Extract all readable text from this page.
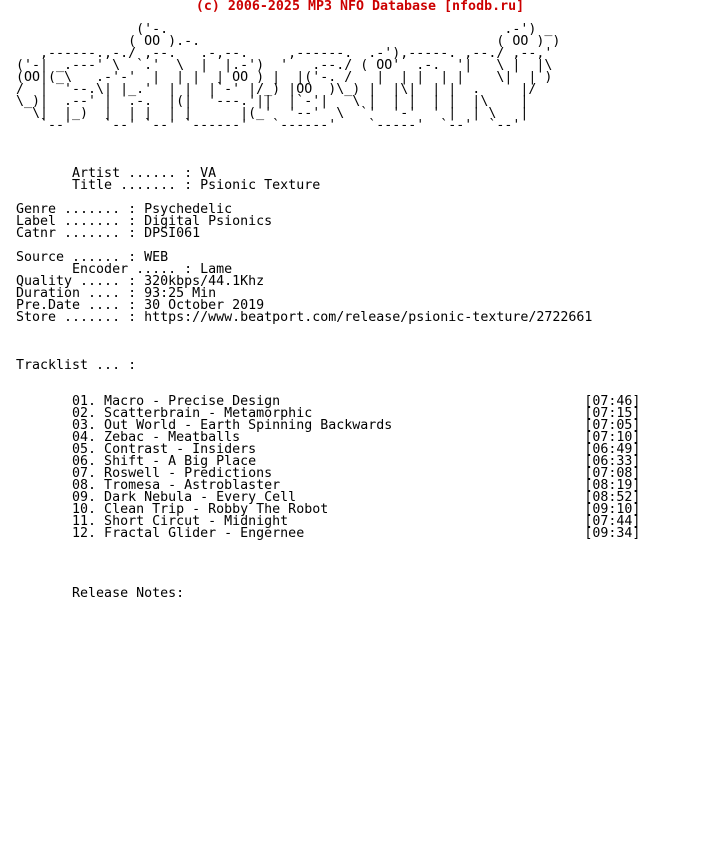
(c) 2006-2025 MP3 NFO Database [nfodb.ru]
('-.                                          .-') _
( OO ).-.                                     ( OO ) )
,------.,-./ ,--.   .-,--.     ,------.  .-'),-----. ,--./ ,--,'
('-| _.---' \  `.'  \  |  |.-')  '   .--./ ( OO'  .-.  '|   \ |  |\
(OO|(_\   .-'-'  |  | |  | OO ) |  |('-. /   |  | |  | |    \|  | )
/  |  '--.\| |_.'  | |  |`-' |/_) |OO  )\_) |  |\|  | |  .     |/
\_)|  .--' |  .-.  |(|  '---.'||  |`-'|   \ |  | |  | |  |\    |
\|  |_)  |  | |  | |      |(_'  '--'  \  `'  '-'  ' |  | \   |
`--'    `--' `--' `------'   `------'    `-----'  `--'  `--'

Artist ...... : VA
Title ....... : Psionic Texture

Genre ....... : Psychedelic
Label ....... : Digital Psionics
Catnr ....... : DPSI061

Source ...... : WEB
Encoder ..... : Lame
Quality ..... : 320kbps/44.1Khz
Duration .... : 93:25 Min
Pre.Date .... : 30 October 2019
Store ....... : https://www.beatport.com/release/psionic-texture/2722661

Tracklist ... :

01. Macro - Precise Design                                      [07:46]
02. Scatterbrain - Metamorphic                                  [07:15]
03. Out World - Earth Spinning Backwards                        [07:05]
04. Zebac - Meatballs                                           [07:10]
05. Contrast - Insiders                                         [06:49]
06. Shift - A Big Place                                         [06:33]
07. Roswell - Predictions                                       [07:08]
08. Tromesa - Astroblaster                                      [08:19]
09. Dark Nebula - Every Cell                                    [08:52]
10. Clean Trip - Robby The Robot                                [09:10]
11. Short Circut - Midnight                                     [07:44]
12. Fractal Glider - Engernee                                   [09:34]

Release Notes:
